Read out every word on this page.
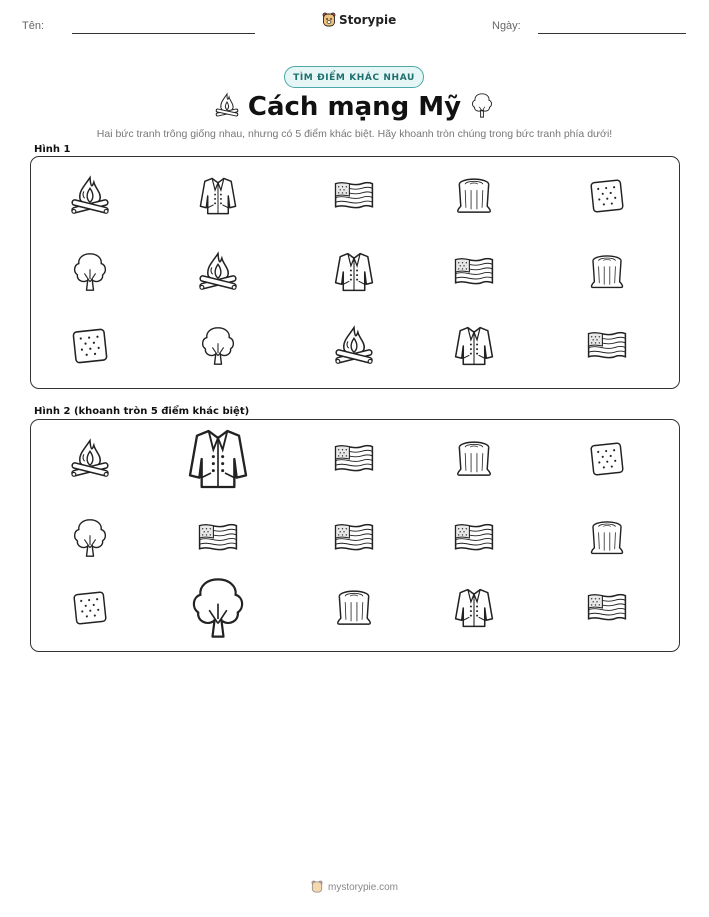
Tên:	Storypie	Ngày:
TÌM ĐIỂM KHÁC NHAU
Cách mạng Mỹ
Hai bức tranh trông giống nhau, nhưng có 5 điểm khác biệt. Hãy khoanh tròn chúng trong bức tranh phía dưới!
Hình 1
Hình 2 (khoanh tròn 5 điểm khác biệt)
mystorypie.com
